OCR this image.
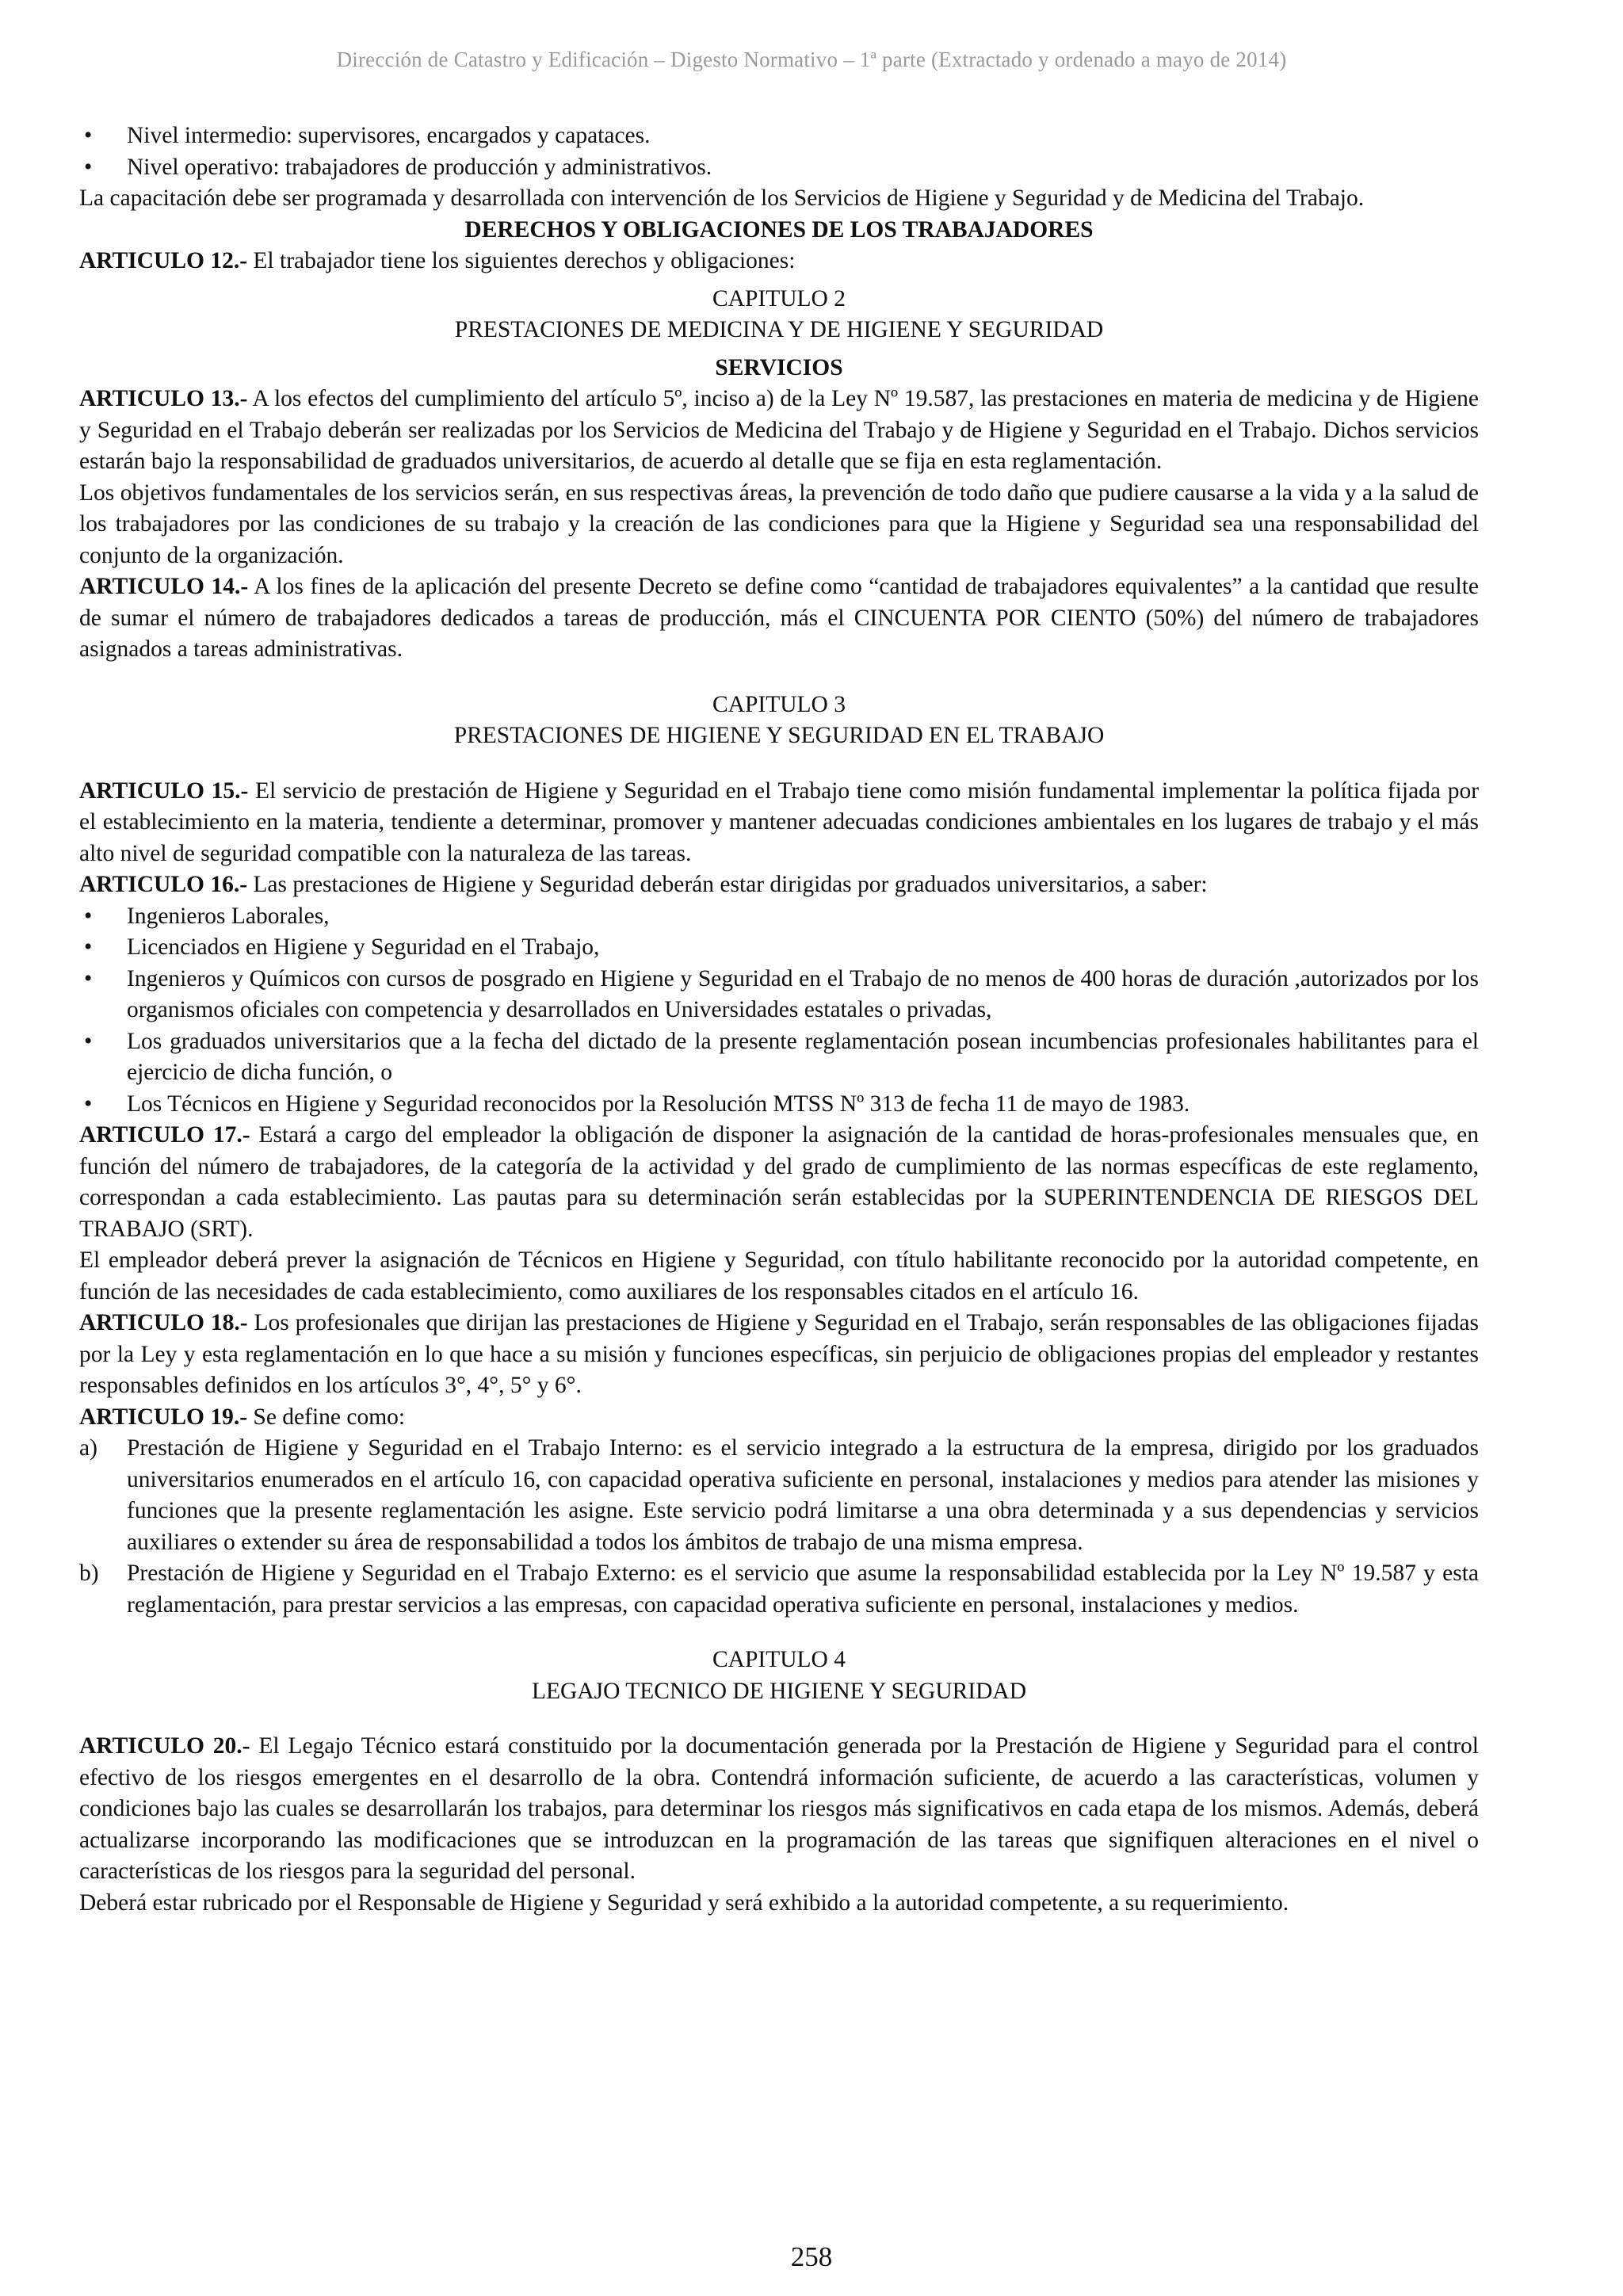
Dirección de Catastro y Edificación – Digesto Normativo – 1ª parte (Extractado y ordenado a mayo de 2014)
• Nivel intermedio: supervisores, encargados y capataces.
• Nivel operativo: trabajadores de producción y administrativos.

La capacitación debe ser programada y desarrollada con intervención de los Servicios de Higiene y Seguridad y de Medicina del Trabajo.

DERECHOS Y OBLIGACIONES DE LOS TRABAJADORES

ARTICULO 12.- El trabajador tiene los siguientes derechos y obligaciones:

CAPITULO 2

PRESTACIONES DE MEDICINA Y DE HIGIENE Y SEGURIDAD

SERVICIOS

ARTICULO 13.- A los efectos del cumplimiento del artículo 5º, inciso a) de la Ley Nº 19.587, las prestaciones en materia de medicina y de Higiene y Seguridad en el Trabajo deberán ser realizadas por los Servicios de Medicina del Trabajo y de Higiene y Seguridad en el Trabajo. Dichos servicios estarán bajo la responsabilidad de graduados universitarios, de acuerdo al detalle que se fija en esta reglamentación.

Los objetivos fundamentales de los servicios serán, en sus respectivas áreas, la prevención de todo daño que pudiere causarse a la vida y a la salud de los trabajadores por las condiciones de su trabajo y la creación de las condiciones para que la Higiene y Seguridad sea una responsabilidad del conjunto de la organización.

ARTICULO 14.- A los fines de la aplicación del presente Decreto se define como “cantidad de trabajadores equivalentes” a la cantidad que resulte de sumar el número de trabajadores dedicados a tareas de producción, más el CINCUENTA POR CIENTO (50%) del número de trabajadores asignados a tareas administrativas.

CAPITULO 3

PRESTACIONES DE HIGIENE Y SEGURIDAD EN EL TRABAJO

ARTICULO 15.- El servicio de prestación de Higiene y Seguridad en el Trabajo tiene como misión fundamental implementar la política fijada por el establecimiento en la materia, tendiente a determinar, promover y mantener adecuadas condiciones ambientales en los lugares de trabajo y el más alto nivel de seguridad compatible con la naturaleza de las tareas.

ARTICULO 16.- Las prestaciones de Higiene y Seguridad deberán estar dirigidas por graduados universitarios, a saber:

• Ingenieros Laborales,
• Licenciados en Higiene y Seguridad en el Trabajo,
• Ingenieros y Químicos con cursos de posgrado en Higiene y Seguridad en el Trabajo de no menos de 400 horas de duración ,autorizados por los organismos oficiales con competencia y desarrollados en Universidades estatales o privadas,
• Los graduados universitarios que a la fecha del dictado de la presente reglamentación posean incumbencias profesionales habilitantes para el ejercicio de dicha función, o
• Los Técnicos en Higiene y Seguridad reconocidos por la Resolución MTSS Nº 313 de fecha 11 de mayo de 1983.

ARTICULO 17.- Estará a cargo del empleador la obligación de disponer la asignación de la cantidad de horas-profesionales mensuales que, en función del número de trabajadores, de la categoría de la actividad y del grado de cumplimiento de las normas específicas de este reglamento, correspondan a cada establecimiento. Las pautas para su determinación serán establecidas por la SUPERINTENDENCIA DE RIESGOS DEL TRABAJO (SRT).

El empleador deberá prever la asignación de Técnicos en Higiene y Seguridad, con título habilitante reconocido por la autoridad competente, en función de las necesidades de cada establecimiento, como auxiliares de los responsables citados en el artículo 16.

ARTICULO 18.- Los profesionales que dirijan las prestaciones de Higiene y Seguridad en el Trabajo, serán responsables de las obligaciones fijadas por la Ley y esta reglamentación en lo que hace a su misión y funciones específicas, sin perjuicio de obligaciones propias del empleador y restantes responsables definidos en los artículos 3°, 4°, 5° y 6°.

ARTICULO 19.- Se define como:

a) Prestación de Higiene y Seguridad en el Trabajo Interno: es el servicio integrado a la estructura de la empresa, dirigido por los graduados universitarios enumerados en el artículo 16, con capacidad operativa suficiente en personal, instalaciones y medios para atender las misiones y funciones que la presente reglamentación les asigne. Este servicio podrá limitarse a una obra determinada y a sus dependencias y servicios auxiliares o extender su área de responsabilidad a todos los ámbitos de trabajo de una misma empresa.
b) Prestación de Higiene y Seguridad en el Trabajo Externo: es el servicio que asume la responsabilidad establecida por la Ley Nº 19.587 y esta reglamentación, para prestar servicios a las empresas, con capacidad operativa suficiente en personal, instalaciones y medios.

CAPITULO 4

LEGAJO TECNICO DE HIGIENE Y SEGURIDAD

ARTICULO 20.- El Legajo Técnico estará constituido por la documentación generada por la Prestación de Higiene y Seguridad para el control efectivo de los riesgos emergentes en el desarrollo de la obra. Contendrá información suficiente, de acuerdo a las características, volumen y condiciones bajo las cuales se desarrollarán los trabajos, para determinar los riesgos más significativos en cada etapa de los mismos. Además, deberá actualizarse incorporando las modificaciones que se introduzcan en la programación de las tareas que signifiquen alteraciones en el nivel o características de los riesgos para la seguridad del personal.

Deberá estar rubricado por el Responsable de Higiene y Seguridad y será exhibido a la autoridad competente, a su requerimiento.

258
